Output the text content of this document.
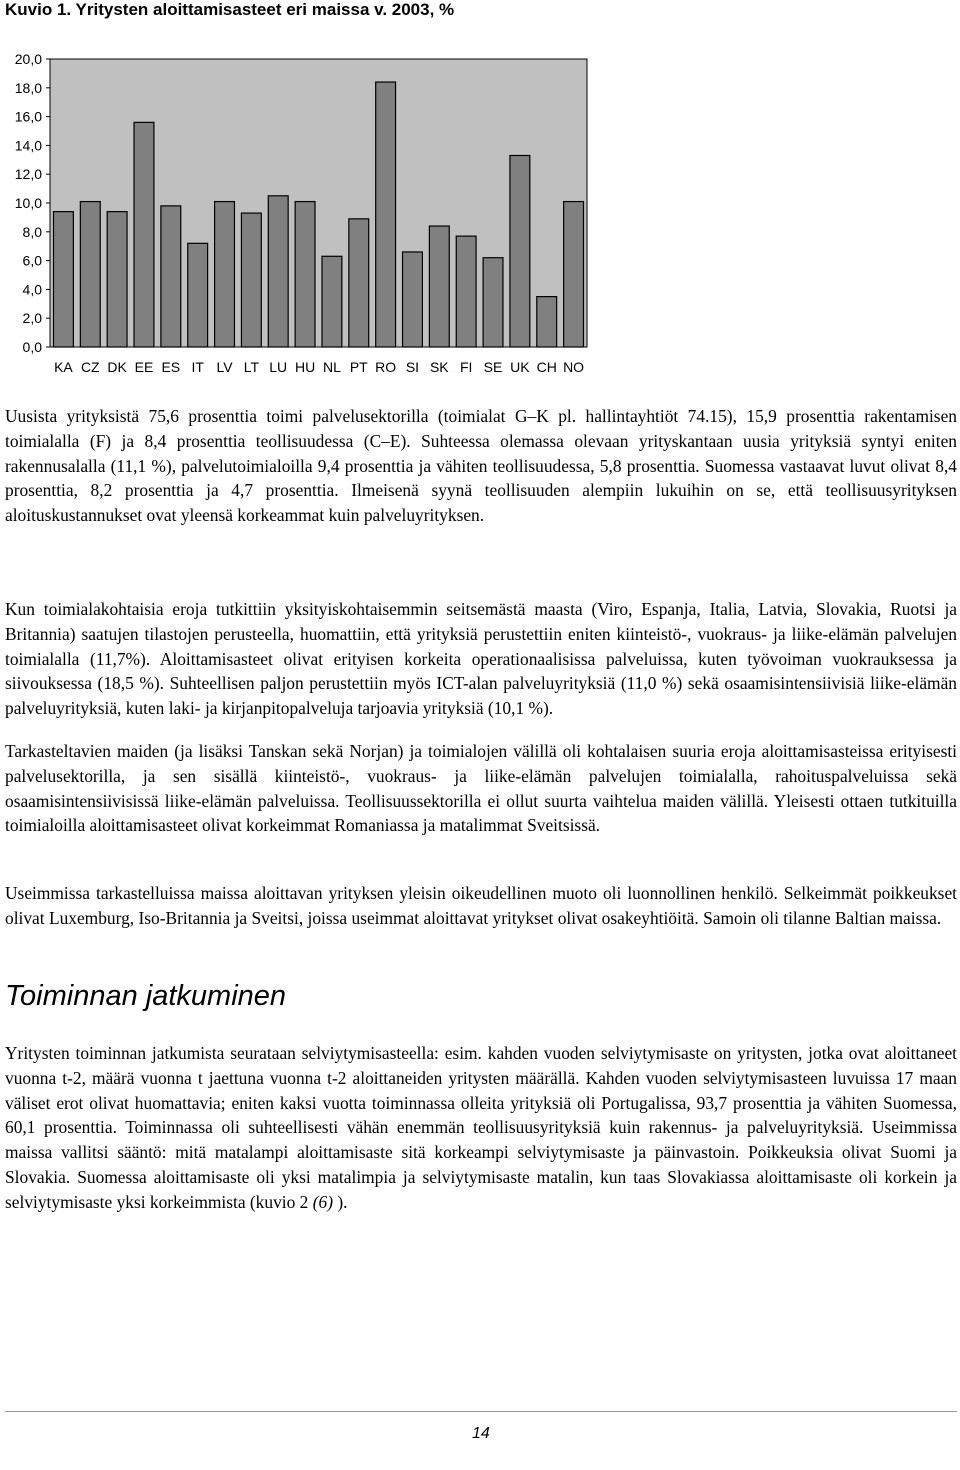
Kuvio 1. Yritysten aloittamisasteet eri maissa v. 2003, %
0,0
2,0
4,0
6,0
8,0
10,0
12,0
14,0
16,0
18,0
20,0
KA CZ DK EE ES IT LV LT LU HU NL PT RO SI SK FI SE UK CH NO

Uusista yrityksistä 75,6 prosenttia toimi palvelusektorilla (toimialat G–K pl. hallintayhtiöt 74.15), 15,9 prosenttia rakentamisen toimialalla (F) ja 8,4 prosenttia teollisuudessa (C–E). Suhteessa olemassa olevaan yrityskantaan uusia yrityksiä syntyi eniten rakennusalalla (11,1 %), palvelutoimialoilla 9,4 prosenttia ja vähiten teollisuudessa, 5,8 prosenttia. Suomessa vastaavat luvut olivat 8,4 prosenttia, 8,2 prosenttia ja 4,7 prosenttia. Ilmeisenä syynä teollisuuden alempiin lukuihin on se, että teollisuusyrityksen aloituskustannukset ovat yleensä korkeammat kuin palveluyrityksen.

Kun toimialakohtaisia eroja tutkittiin yksityiskohtaisemmin seitsemästä maasta (Viro, Espanja, Italia, Latvia, Slovakia, Ruotsi ja Britannia) saatujen tilastojen perusteella, huomattiin, että yrityksiä perustettiin eniten kiinteistö-, vuokraus- ja liike-elämän palvelujen toimialalla (11,7%). Aloittamisasteet olivat erityisen korkeita operationaalisissa palveluissa, kuten työvoiman vuokrauksessa ja siivouksessa (18,5 %). Suhteellisen paljon perustettiin myös ICT-alan palveluyrityksiä (11,0 %) sekä osaamisintensiivisiä liike-elämän palveluyrityksiä, kuten laki- ja kirjanpitopalveluja tarjoavia yrityksiä (10,1 %).

Tarkasteltavien maiden (ja lisäksi Tanskan sekä Norjan) ja toimialojen välillä oli kohtalaisen suuria eroja aloittamisasteissa erityisesti palvelusektorilla, ja sen sisällä kiinteistö-, vuokraus- ja liike-elämän palvelujen toimialalla, rahoituspalveluissa sekä osaamisintensiivisissä liike-elämän palveluissa. Teollisuussektorilla ei ollut suurta vaihtelua maiden välillä. Yleisesti ottaen tutkituilla toimialoilla aloittamisasteet olivat korkeimmat Romaniassa ja matalimmat Sveitsissä.

Useimmissa tarkastelluissa maissa aloittavan yrityksen yleisin oikeudellinen muoto oli luonnollinen henkilö. Selkeimmät poikkeukset olivat Luxemburg, Iso-Britannia ja Sveitsi, joissa useimmat aloittavat yritykset olivat osakeyhtiöitä. Samoin oli tilanne Baltian maissa.

Toiminnan jatkuminen

Yritysten toiminnan jatkumista seurataan selviytymisasteella: esim. kahden vuoden selviytymisaste on yritysten, jotka ovat aloittaneet vuonna t-2, määrä vuonna t jaettuna vuonna t-2 aloittaneiden yritysten määrällä. Kahden vuoden selviytymisasteen luvuissa 17 maan väliset erot olivat huomattavia; eniten kaksi vuotta toiminnassa olleita yrityksiä oli Portugalissa, 93,7 prosenttia ja vähiten Suomessa, 60,1 prosenttia. Toiminnassa oli suhteellisesti vähän enemmän teollisuusyrityksiä kuin rakennus- ja palveluyrityksiä. Useimmissa maissa vallitsi sääntö: mitä matalampi aloittamisaste sitä korkeampi selviytymisaste ja päinvastoin. Poikkeuksia olivat Suomi ja Slovakia. Suomessa aloittamisaste oli yksi matalimpia ja selviytymisaste matalin, kun taas Slovakiassa aloittamisaste oli korkein ja selviytymisaste yksi korkeimmista (kuvio 2 (6) ).

14
